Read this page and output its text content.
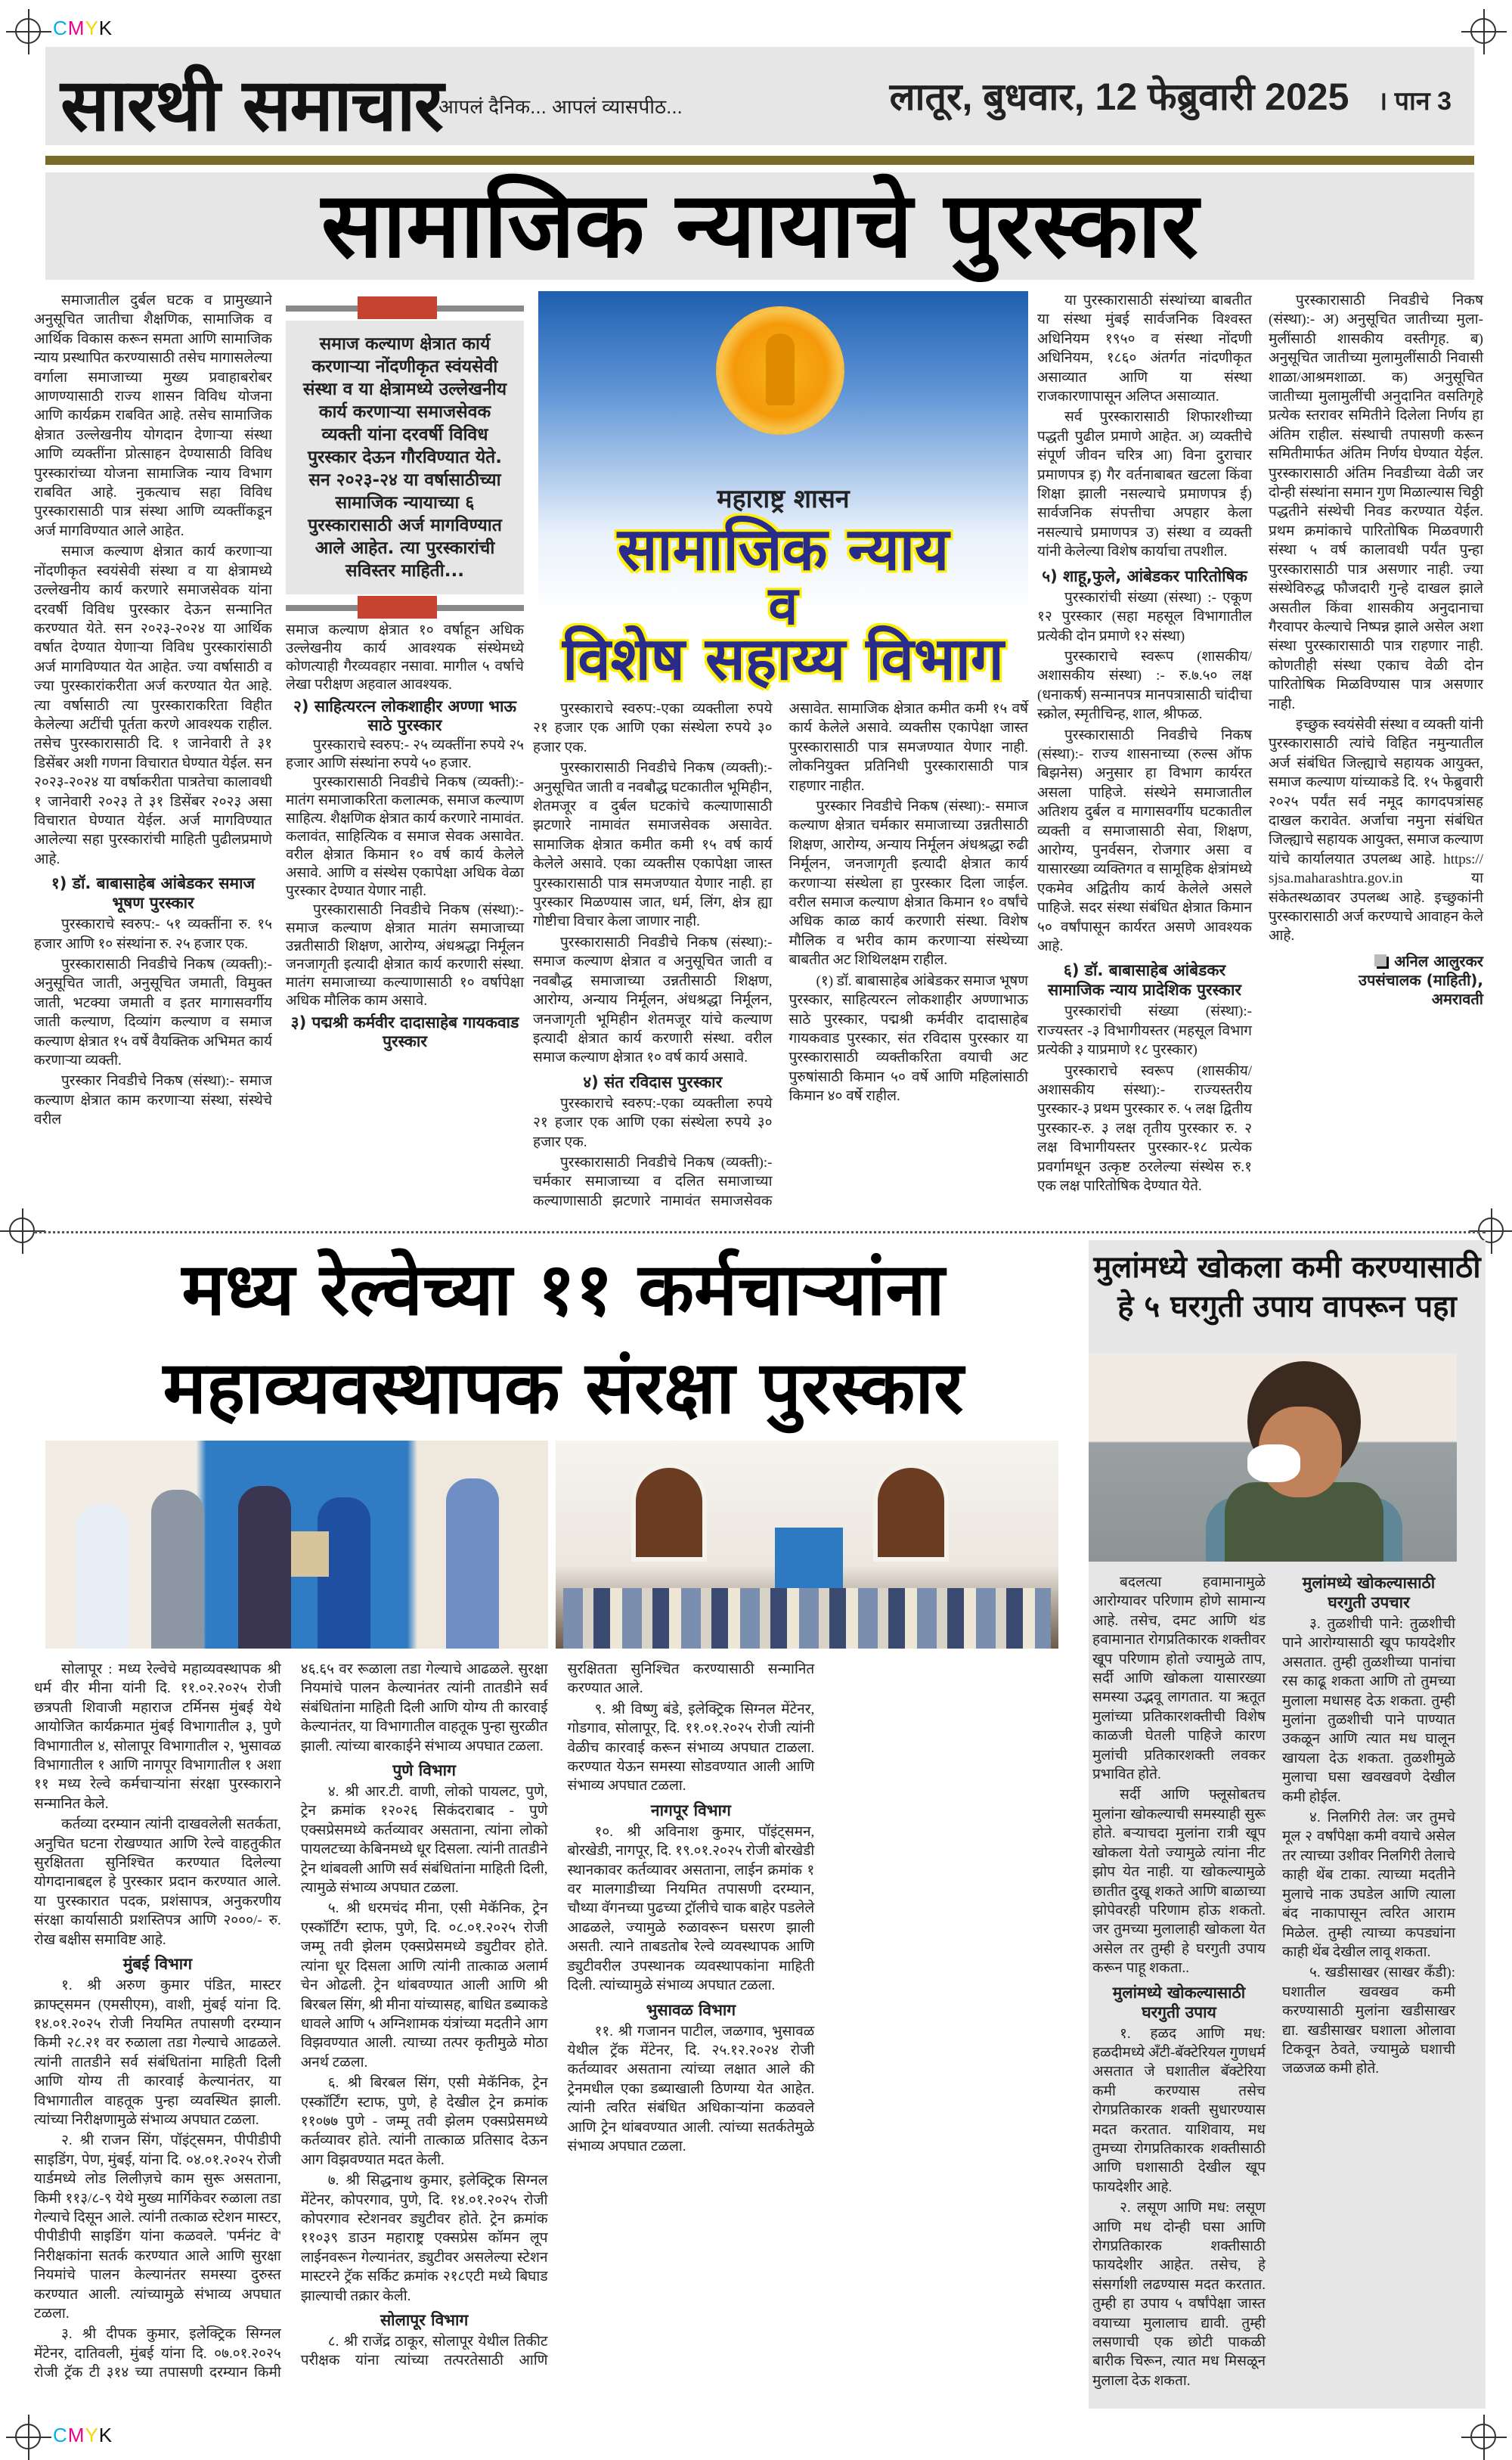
CMYK
CMYK
सारथी समाचार
आपलं दैनिक... आपलं व्यासपीठ...	लातूर, बुधवार, 12 फेब्रुवारी 2025 । पान 3
सामाजिक न्यायाचे पुरस्कार

समाजातील दुर्बल घटक व प्रामुख्याने अनुसूचित जातीचा शैक्षणिक, सामाजिक व आर्थिक विकास करून समता आणि सामाजिक न्याय प्रस्थापित करण्यासाठी तसेच मागासलेल्या वर्गाला समाजाच्या मुख्य प्रवाहाबरोबर आणण्यासाठी राज्य शासन विविध योजना आणि कार्यक्रम राबवित आहे. तसेच सामाजिक क्षेत्रात उल्लेखनीय योगदान देणाऱ्या संस्था आणि व्यक्तींना प्रोत्साहन देण्यासाठी विविध पुरस्कारांच्या योजना सामाजिक न्याय विभाग राबवित आहे. नुकत्याच सहा विविध पुरस्कारासाठी पात्र संस्था आणि व्यक्तींकडून अर्ज मागविण्यात आले आहेत.

समाज कल्याण क्षेत्रात कार्य करणाऱ्या नोंदणीकृत स्वयंसेवी संस्था व या क्षेत्रामध्ये उल्लेखनीय कार्य करणारे समाजसेवक यांना दरवर्षी विविध पुरस्कार देऊन सन्मानित करण्यात येते. सन २०२३-२०२४ या आर्थिक वर्षात देण्यात येणाऱ्या विविध पुरस्कारांसाठी अर्ज मागविण्यात येत आहेत. ज्या वर्षासाठी व ज्या पुरस्कारांकरीता अर्ज करण्यात येत आहे. त्या वर्षासाठी त्या पुरस्काराकरिता विहीत केलेल्या अटींची पूर्तता करणे आवश्यक राहील. तसेच पुरस्कारासाठी दि. १ जानेवारी ते ३१ डिसेंबर अशी गणना विचारात घेण्यात येईल. सन २०२३-२०२४ या वर्षाकरीता पात्रतेचा कालावधी १ जानेवारी २०२३ ते ३१ डिसेंबर २०२३ असा विचारात घेण्यात येईल. अर्ज मागविण्यात आलेल्या सहा पुरस्कारांची माहिती पुढीलप्रमाणे आहे.

१) डॉ. बाबासाहेब आंबेडकर समाज भूषण पुरस्कार

पुरस्काराचे स्वरुप:- ५१ व्यक्तींना रु. १५ हजार आणि १० संस्थांना रु. २५ हजार एक.

पुरस्कारासाठी निवडीचे निकष (व्यक्ती):- अनुसूचित जाती, अनुसूचित जमाती, विमुक्त जाती, भटक्या जमाती व इतर मागासवर्गीय जाती कल्याण, दिव्यांग कल्याण व समाज कल्याण क्षेत्रात १५ वर्षे वैयक्तिक अभिमत कार्य करणाऱ्या व्यक्ती.

पुरस्कार निवडीचे निकष (संस्था):- समाज कल्याण क्षेत्रात काम करणाऱ्या संस्था, संस्थेचे वरील

समाज कल्याण क्षेत्रात कार्य करणाऱ्या नोंदणीकृत स्वंयसेवी संस्था व या क्षेत्रामध्ये उल्लेखनीय कार्य करणाऱ्या समाजसेवक व्यक्ती यांना दरवर्षी विविध पुरस्कार देऊन गौरविण्यात येते. सन २०२३-२४ या वर्षासाठीच्या सामाजिक न्यायाच्या ६ पुरस्कारासाठी अर्ज मागविण्यात आले आहेत. त्या पुरस्कारांची सविस्तर माहिती...

समाज कल्याण क्षेत्रात १० वर्षाहून अधिक उल्लेखनीय कार्य आवश्यक संस्थेमध्ये कोणत्याही गैरव्यवहार नसावा. मागील ५ वर्षाचे लेखा परीक्षण अहवाल आवश्यक.

२) साहित्यरत्न लोकशाहीर अण्णा भाऊ साठे पुरस्कार

पुरस्काराचे स्वरुप:- २५ व्यक्तींना रुपये २५ हजार आणि संस्थांना रुपये ५० हजार.

पुरस्कारासाठी निवडीचे निकष (व्यक्ती):- मातंग समाजाकरिता कलात्मक, समाज कल्याण साहित्य. शैक्षणिक क्षेत्रात कार्य करणारे नामावंत. कलावंत, साहित्यिक व समाज सेवक असावेत. वरील क्षेत्रात किमान १० वर्ष कार्य केलेले असावे. आणि व संस्थेस एकापेक्षा अधिक वेळा पुरस्कार देण्यात येणार नाही.

पुरस्कारासाठी निवडीचे निकष (संस्था):- समाज कल्याण क्षेत्रात मातंग समाजाच्या उन्नतीसाठी शिक्षण, आरोग्य, अंधश्रद्धा निर्मूलन जनजागृती इत्यादी क्षेत्रात कार्य करणारी संस्था. मातंग समाजाच्या कल्याणासाठी १० वर्षापेक्षा अधिक मौलिक काम असावे.

३) पद्मश्री कर्मवीर दादासाहेब गायकवाड पुरस्कार
महाराष्ट्र शासन
सामाजिक न्याय
व
विशेष सहाय्य विभाग

पुरस्काराचे स्वरुप:-एका व्यक्तीला रुपये २१ हजार एक आणि एका संस्थेला रुपये ३० हजार एक.

पुरस्कारासाठी निवडीचे निकष (व्यक्ती):- अनुसूचित जाती व नवबौद्ध घटकातील भूमिहीन, शेतमजूर व दुर्बल घटकांचे कल्याणासाठी झटणारे नामावंत समाजसेवक असावेत. सामाजिक क्षेत्रात कमीत कमी १५ वर्ष कार्य केलेले असावे. एका व्यक्तीस एकापेक्षा जास्त पुरस्कारासाठी पात्र समजण्यात येणार नाही. हा पुरस्कार मिळण्यास जात, धर्म, लिंग, क्षेत्र ह्या गोष्टीचा विचार केला जाणार नाही.

पुरस्कारासाठी निवडीचे निकष (संस्था):- समाज कल्याण क्षेत्रात व अनुसूचित जाती व नवबौद्ध समाजाच्या उन्नतीसाठी शिक्षण, आरोग्य, अन्याय निर्मूलन, अंधश्रद्धा निर्मूलन, जनजागृती भूमिहीन शेतमजूर यांचे कल्याण इत्यादी क्षेत्रात कार्य करणारी संस्था. वरील समाज कल्याण क्षेत्रात १० वर्ष कार्य असावे.

४) संत रविदास पुरस्कार

पुरस्काराचे स्वरुप:-एका व्यक्तीला रुपये २१ हजार एक आणि एका संस्थेला रुपये ३० हजार एक.

पुरस्कारासाठी निवडीचे निकष (व्यक्ती):- चर्मकार समाजाच्या व दलित समाजाच्या कल्याणासाठी झटणारे नामावंत समाजसेवक असावेत. सामाजिक क्षेत्रात कमीत कमी १५ वर्षे कार्य केलेले असावे. व्यक्तीस एकापेक्षा जास्त पुरस्कारासाठी पात्र समजण्यात येणार नाही. लोकनियुक्त प्रतिनिधी पुरस्कारासाठी पात्र राहणार नाहीत.

पुरस्कार निवडीचे निकष (संस्था):- समाज कल्याण क्षेत्रात चर्मकार समाजाच्या उन्नतीसाठी शिक्षण, आरोग्य, अन्याय निर्मूलन अंधश्रद्धा रुढी निर्मूलन, जनजागृती इत्यादी क्षेत्रात कार्य करणाऱ्या संस्थेला हा पुरस्कार दिला जाईल. वरील समाज कल्याण क्षेत्रात किमान १० वर्षांचे अधिक काळ कार्य करणारी संस्था. विशेष मौलिक व भरीव काम करणाऱ्या संस्थेच्या बाबतीत अट शिथिलक्षम राहील.

(१) डॉ. बाबासाहेब आंबेडकर समाज भूषण पुरस्कार, साहित्यरत्न लोकशाहीर अण्णाभाऊ साठे पुरस्कार, पद्मश्री कर्मवीर दादासाहेब गायकवाड पुरस्कार, संत रविदास पुरस्कार या पुरस्कारासाठी व्यक्तीकरिता वयाची अट पुरुषांसाठी किमान ५० वर्षे आणि महिलांसाठी किमान ४० वर्षे राहील.

या पुरस्कारासाठी संस्थांच्या बाबतीत या संस्था मुंबई सार्वजनिक विश्वस्त अधिनियम १९५० व संस्था नोंदणी अधिनियम, १८६० अंतर्गत नांदणीकृत असाव्यात आणि या संस्था राजकारणापासून अलिप्त असाव्यात.

सर्व पुरस्कारासाठी शिफारशीच्या पद्धती पुढील प्रमाणे आहेत. अ) व्यक्तीचे संपूर्ण जीवन चरित्र आ) विना दुराचार प्रमाणपत्र इ) गैर वर्तनाबाबत खटला किंवा शिक्षा झाली नसल्याचे प्रमाणपत्र ई) सार्वजनिक संपत्तीचा अपहार केला नसल्याचे प्रमाणपत्र उ) संस्था व व्यक्ती यांनी केलेल्या विशेष कार्याचा तपशील.

५) शाहू,फुले, आंबेडकर पारितोषिक

पुरस्कारांची संख्या (संस्था) :- एकूण १२ पुरस्कार (सहा महसूल विभागातील प्रत्येकी दोन प्रमाणे १२ संस्था)

पुरस्काराचे स्वरूप (शासकीय/अशासकीय संस्था) :- रु.७.५० लक्ष (धनाकर्ष) सन्मानपत्र मानपत्रासाठी चांदीचा स्क्रोल, स्मृतीचिन्ह, शाल, श्रीफळ.

पुरस्कारासाठी निवडीचे निकष (संस्था):- राज्य शासनाच्या (रुल्स ऑफ बिझनेस) अनुसार हा विभाग कार्यरत असला पाहिजे. संस्थेने समाजातील अतिशय दुर्बल व मागासवर्गीय घटकातील व्यक्ती व समाजासाठी सेवा, शिक्षण, आरोग्य, पुनर्वसन, रोजगार असा व यासारख्या व्यक्तिगत व सामूहिक क्षेत्रांमध्ये एकमेव अद्वितीय कार्य केलेले असले पाहिजे. सदर संस्था संबंधित क्षेत्रात किमान ५० वर्षांपासून कार्यरत असणे आवश्यक आहे.

६) डॉ. बाबासाहेब आंबेडकर सामाजिक न्याय प्रादेशिक पुरस्कार

पुरस्कारांची संख्या (संस्था):- राज्यस्तर -३ विभागीयस्तर (महसूल विभाग प्रत्येकी ३ याप्रमाणे १८ पुरस्कार)

पुरस्काराचे स्वरूप (शासकीय/अशासकीय संस्था):- राज्यस्तरीय पुरस्कार-३ प्रथम पुरस्कार रु. ५ लक्ष द्वितीय पुरस्कार-रु. ३ लक्ष तृतीय पुरस्कार रु. २ लक्ष विभागीयस्तर पुरस्कार-१८ प्रत्येक प्रवर्गामधून उत्कृष्ट ठरलेल्या संस्थेस रु.१ एक लक्ष पारितोषिक देण्यात येते.

पुरस्कारासाठी निवडीचे निकष (संस्था):- अ) अनुसूचित जातीच्या मुला-मुलींसाठी शासकीय वस्तीगृह. ब) अनुसूचित जातीच्या मुलामुलींसाठी निवासी शाळा/आश्रमशाळा. क) अनुसूचित जातीच्या मुलामुलींची अनुदानित वसतिगृहे प्रत्येक स्तरावर समितीने दिलेला निर्णय हा अंतिम राहील. संस्थाची तपासणी करून समितीमार्फत अंतिम निर्णय घेण्यात येईल. पुरस्कारासाठी अंतिम निवडीच्या वेळी जर दोन्ही संस्थांना समान गुण मिळाल्यास चिठ्ठी पद्धतीने संस्थेची निवड करण्यात येईल. प्रथम क्रमांकाचे पारितोषिक मिळवणारी संस्था ५ वर्ष कालावधी पर्यंत पुन्हा पुरस्कारासाठी पात्र असणार नाही. ज्या संस्थेविरुद्ध फौजदारी गुन्हे दाखल झाले असतील किंवा शासकीय अनुदानाचा गैरवापर केल्याचे निष्पन्न झाले असेल अशा संस्था पुरस्कारासाठी पात्र राहणार नाही. कोणतीही संस्था एकाच वेळी दोन पारितोषिक मिळविण्यास पात्र असणार नाही.

इच्छुक स्वयंसेवी संस्था व व्यक्ती यांनी पुरस्कारासाठी त्यांचे विहित नमुन्यातील अर्ज संबंधित जिल्ह्याचे सहायक आयुक्त, समाज कल्याण यांच्याकडे दि. १५ फेब्रुवारी २०२५ पर्यंत सर्व नमूद कागदपत्रांसह दाखल करावेत. अर्जाचा नमुना संबंधित जिल्ह्याचे सहायक आयुक्त, समाज कल्याण यांचे कार्यालयात उपलब्ध आहे. https:// sjsa.maharashtra.gov.in या संकेतस्थळावर उपलब्ध आहे. इच्छुकांनी पुरस्कारासाठी अर्ज करण्याचे आवाहन केले आहे.

अनिल आलुरकर
उपसंचालक (माहिती),
अमरावती
मध्य रेल्वेच्या ११ कर्मचाऱ्यांना
महाव्यवस्थापक संरक्षा पुरस्कार

सोलापूर : मध्य रेल्वेचे महाव्यवस्थापक श्री धर्म वीर मीना यांनी दि. ११.०२.२०२५ रोजी छत्रपती शिवाजी महाराज टर्मिनस मुंबई येथे आयोजित कार्यक्रमात मुंबई विभागातील ३, पुणे विभागातील ४, सोलापूर विभागातील २, भुसावळ विभागातील १ आणि नागपूर विभागातील १ अशा ११ मध्य रेल्वे कर्मचाऱ्यांना संरक्षा पुरस्काराने सन्मानित केले.

कर्तव्या दरम्यान त्यांनी दाखवलेली सतर्कता, अनुचित घटना रोखण्यात आणि रेल्वे वाहतुकीत सुरक्षितता सुनिश्चित करण्यात दिलेल्या योगदानाबद्दल हे पुरस्कार प्रदान करण्यात आले. या पुरस्कारात पदक, प्रशंसापत्र, अनुकरणीय संरक्षा कार्यासाठी प्रशस्तिपत्र आणि २०००/- रु. रोख बक्षीस समाविष्ट आहे.

मुंबई विभाग

१. श्री अरुण कुमार पंडित, मास्टर क्राफ्ट्समन (एमसीएम), वाशी, मुंबई यांना दि. १४.०१.२०२५ रोजी नियमित तपासणी दरम्यान किमी २८.२१ वर रुळाला तडा गेल्याचे आढळले. त्यांनी तातडीने सर्व संबंधितांना माहिती दिली आणि योग्य ती कारवाई केल्यानंतर, या विभागातील वाहतूक पुन्हा व्यवस्थित झाली. त्यांच्या निरीक्षणामुळे संभाव्य अपघात टळला.

२. श्री राजन सिंग, पॉइंट्समन, पीपीडीपी साइडिंग, पेण, मुंबई, यांना दि. ०४.०१.२०२५ रोजी यार्डमध्ये लोड लिलीज़चे काम सुरू असताना, किमी ११३/८-९ येथे मुख्य मार्गिकेवर रुळाला तडा गेल्याचे दिसून आले. त्यांनी तत्काळ स्टेशन मास्टर, पीपीडीपी साइडिंग यांना कळवले. 'पर्मनंट वे' निरीक्षकांना सतर्क करण्यात आले आणि सुरक्षा नियमांचे पालन केल्यानंतर समस्या दुरुस्त करण्यात आली. त्यांच्यामुळे संभाव्य अपघात टळला.

३. श्री दीपक कुमार, इलेक्ट्रिक सिग्नल मेंटेनर, दातिवली, मुंबई यांना दि. ०७.०१.२०२५ रोजी ट्रॅक टी ३१४ च्या तपासणी दरम्यान किमी ४६.६५ वर रूळाला तडा गेल्याचे आढळले. सुरक्षा नियमांचे पालन केल्यानंतर त्यांनी तातडीने सर्व संबंधितांना माहिती दिली आणि योग्य ती कारवाई केल्यानंतर, या विभागातील वाहतूक पुन्हा सुरळीत झाली. त्यांच्या बारकाईने संभाव्य अपघात टळला.

पुणे विभाग

४. श्री आर.टी. वाणी, लोको पायलट, पुणे, ट्रेन क्रमांक १२०२६ सिकंदराबाद - पुणे एक्सप्रेसमध्ये कर्तव्यावर असताना, त्यांना लोको पायलटच्या केबिनमध्ये धूर दिसला. त्यांनी तातडीने ट्रेन थांबवली आणि सर्व संबंधितांना माहिती दिली, त्यामुळे संभाव्य अपघात टळला.

५. श्री धरमचंद मीना, एसी मेकॅनिक, ट्रेन एस्कॉर्टिंग स्टाफ, पुणे, दि. ०८.०१.२०२५ रोजी जम्मू तवी झेलम एक्सप्रेसमध्ये ड्युटीवर होते. त्यांना धूर दिसला आणि त्यांनी तात्काळ अलार्म चेन ओढली. ट्रेन थांबवण्यात आली आणि श्री बिरबल सिंग, श्री मीना यांच्यासह, बाधित डब्याकडे धावले आणि ५ अग्निशामक यंत्रांच्या मदतीने आग विझवण्यात आली. त्याच्या तत्पर कृतीमुळे मोठा अनर्थ टळला.

६. श्री बिरबल सिंग, एसी मेकॅनिक, ट्रेन एस्कॉर्टिंग स्टाफ, पुणे, हे देखील ट्रेन क्रमांक ११०७७ पुणे - जम्मू तवी झेलम एक्सप्रेसमध्ये कर्तव्यावर होते. त्यांनी तात्काळ प्रतिसाद देऊन आग विझवण्यात मदत केली.

७. श्री सिद्धनाथ कुमार, इलेक्ट्रिक सिग्नल मेंटेनर, कोपरगाव, पुणे, दि. १४.०१.२०२५ रोजी कोपरगाव स्टेशनवर ड्युटीवर होते. ट्रेन क्रमांक ११०३९ डाउन महाराष्ट्र एक्सप्रेस कॉमन लूप लाईनवरून गेल्यानंतर, ड्युटीवर असलेल्या स्टेशन मास्टरने ट्रॅक सर्किट क्रमांक २१८एटी मध्ये बिघाड झाल्याची तक्रार केली.

सोलापूर विभाग

८. श्री राजेंद्र ठाकूर, सोलापूर येथील तिकीट परीक्षक यांना त्यांच्या तत्परतेसाठी आणि सुरक्षितता सुनिश्चित करण्यासाठी सन्मानित करण्यात आले.

९. श्री विष्णु बंडे, इलेक्ट्रिक सिग्नल मेंटेनर, गोडगाव, सोलापूर, दि. ११.०१.२०२५ रोजी त्यांनी वेळीच कारवाई करून संभाव्य अपघात टाळला. करण्यात येऊन समस्या सोडवण्यात आली आणि संभाव्य अपघात टळला.

नागपूर विभाग

१०. श्री अविनाश कुमार, पॉइंट्समन, बोरखेडी, नागपूर, दि. १९.०१.२०२५ रोजी बोरखेडी स्थानकावर कर्तव्यावर असताना, लाईन क्रमांक १ वर मालगाडीच्या नियमित तपासणी दरम्यान, चौथ्या वॅगनच्या पुढच्या ट्रॉलीचे चाक बाहेर पडलेले आढळले, ज्यामुळे रुळावरून घसरण झाली असती. त्याने ताबडतोब रेल्वे व्यवस्थापक आणि ड्युटीवरील उपस्थानक व्यवस्थापकांना माहिती दिली. त्यांच्यामुळे संभाव्य अपघात टळला.

भुसावळ विभाग

११. श्री गजानन पाटील, जळगाव, भुसावळ येथील ट्रॅक मेंटेनर, दि. २५.१२.२०२४ रोजी कर्तव्यावर असताना त्यांच्या लक्षात आले की ट्रेनमधील एका डब्याखाली ठिणग्या येत आहेत. त्यांनी त्वरित संबंधित अधिकाऱ्यांना कळवले आणि ट्रेन थांबवण्यात आली. त्यांच्या सतर्कतेमुळे संभाव्य अपघात टळला.

मुलांमध्ये खोकला कमी करण्यासाठी
हे ५ घरगुती उपाय वापरून पहा

बदलत्या हवामानामुळे आरोग्यावर परिणाम होणे सामान्य आहे. तसेच, दमट आणि थंड हवामानात रोगप्रतिकारक शक्तीवर खूप परिणाम होतो ज्यामुळे ताप, सर्दी आणि खोकला यासारख्या समस्या उद्भवू लागतात. या ऋतूत मुलांच्या प्रतिकारशक्तीची विशेष काळजी घेतली पाहिजे कारण मुलांची प्रतिकारशक्ती लवकर प्रभावित होते.

सर्दी आणि फ्लूसोबतच मुलांना खोकल्याची समस्याही सुरू होते. बऱ्याचदा मुलांना रात्री खूप खोकला येतो ज्यामुळे त्यांना नीट झोप येत नाही. या खोकल्यामुळे छातीत दुखू शकते आणि बाळाच्या झोपेवरही परिणाम होऊ शकतो. जर तुमच्या मुलालाही खोकला येत असेल तर तुम्ही हे घरगुती उपाय करून पाहू शकता..

मुलांमध्ये खोकल्यासाठी घरगुती उपाय

१. हळद आणि मध: हळदीमध्ये अँटी-बॅक्टेरियल गुणधर्म असतात जे घशातील बॅक्टेरिया कमी करण्यास तसेच रोगप्रतिकारक शक्ती सुधारण्यास मदत करतात. याशिवाय, मध तुमच्या रोगप्रतिकारक शक्तीसाठी आणि घशासाठी देखील खूप फायदेशीर आहे.

२. लसूण आणि मध: लसूण आणि मध दोन्ही घसा आणि रोगप्रतिकारक शक्तीसाठी फायदेशीर आहेत. तसेच, हे संसर्गाशी लढण्यास मदत करतात. तुम्ही हा उपाय ५ वर्षांपेक्षा जास्त वयाच्या मुलालाच द्यावी. तुम्ही लसणाची एक छोटी पाकळी बारीक चिरून, त्यात मध मिसळून मुलाला देऊ शकता.

मुलांमध्ये खोकल्यासाठी घरगुती उपचार

३. तुळशीची पाने: तुळशीची पाने आरोग्यासाठी खूप फायदेशीर असतात. तुम्ही तुळशीच्या पानांचा रस काढू शकता आणि तो तुमच्या मुलाला मधासह देऊ शकता. तुम्ही मुलांना तुळशीची पाने पाण्यात उकळून आणि त्यात मध घालून खायला देऊ शकता. तुळशीमुळे मुलाचा घसा खवखवणे देखील कमी होईल.

४. निलगिरी तेल: जर तुमचे मूल २ वर्षांपेक्षा कमी वयाचे असेल तर त्याच्या उशीवर निलगिरी तेलाचे काही थेंब टाका. त्याच्या मदतीने मुलाचे नाक उघडेल आणि त्याला बंद नाकापासून त्वरित आराम मिळेल. तुम्ही त्याच्या कपड्यांना काही थेंब देखील लावू शकता.

५. खडीसाखर (साखर कँडी): घशातील खवखव कमी करण्यासाठी मुलांना खडीसाखर द्या. खडीसाखर घशाला ओलावा टिकवून ठेवते, ज्यामुळे घशाची जळजळ कमी होते.
